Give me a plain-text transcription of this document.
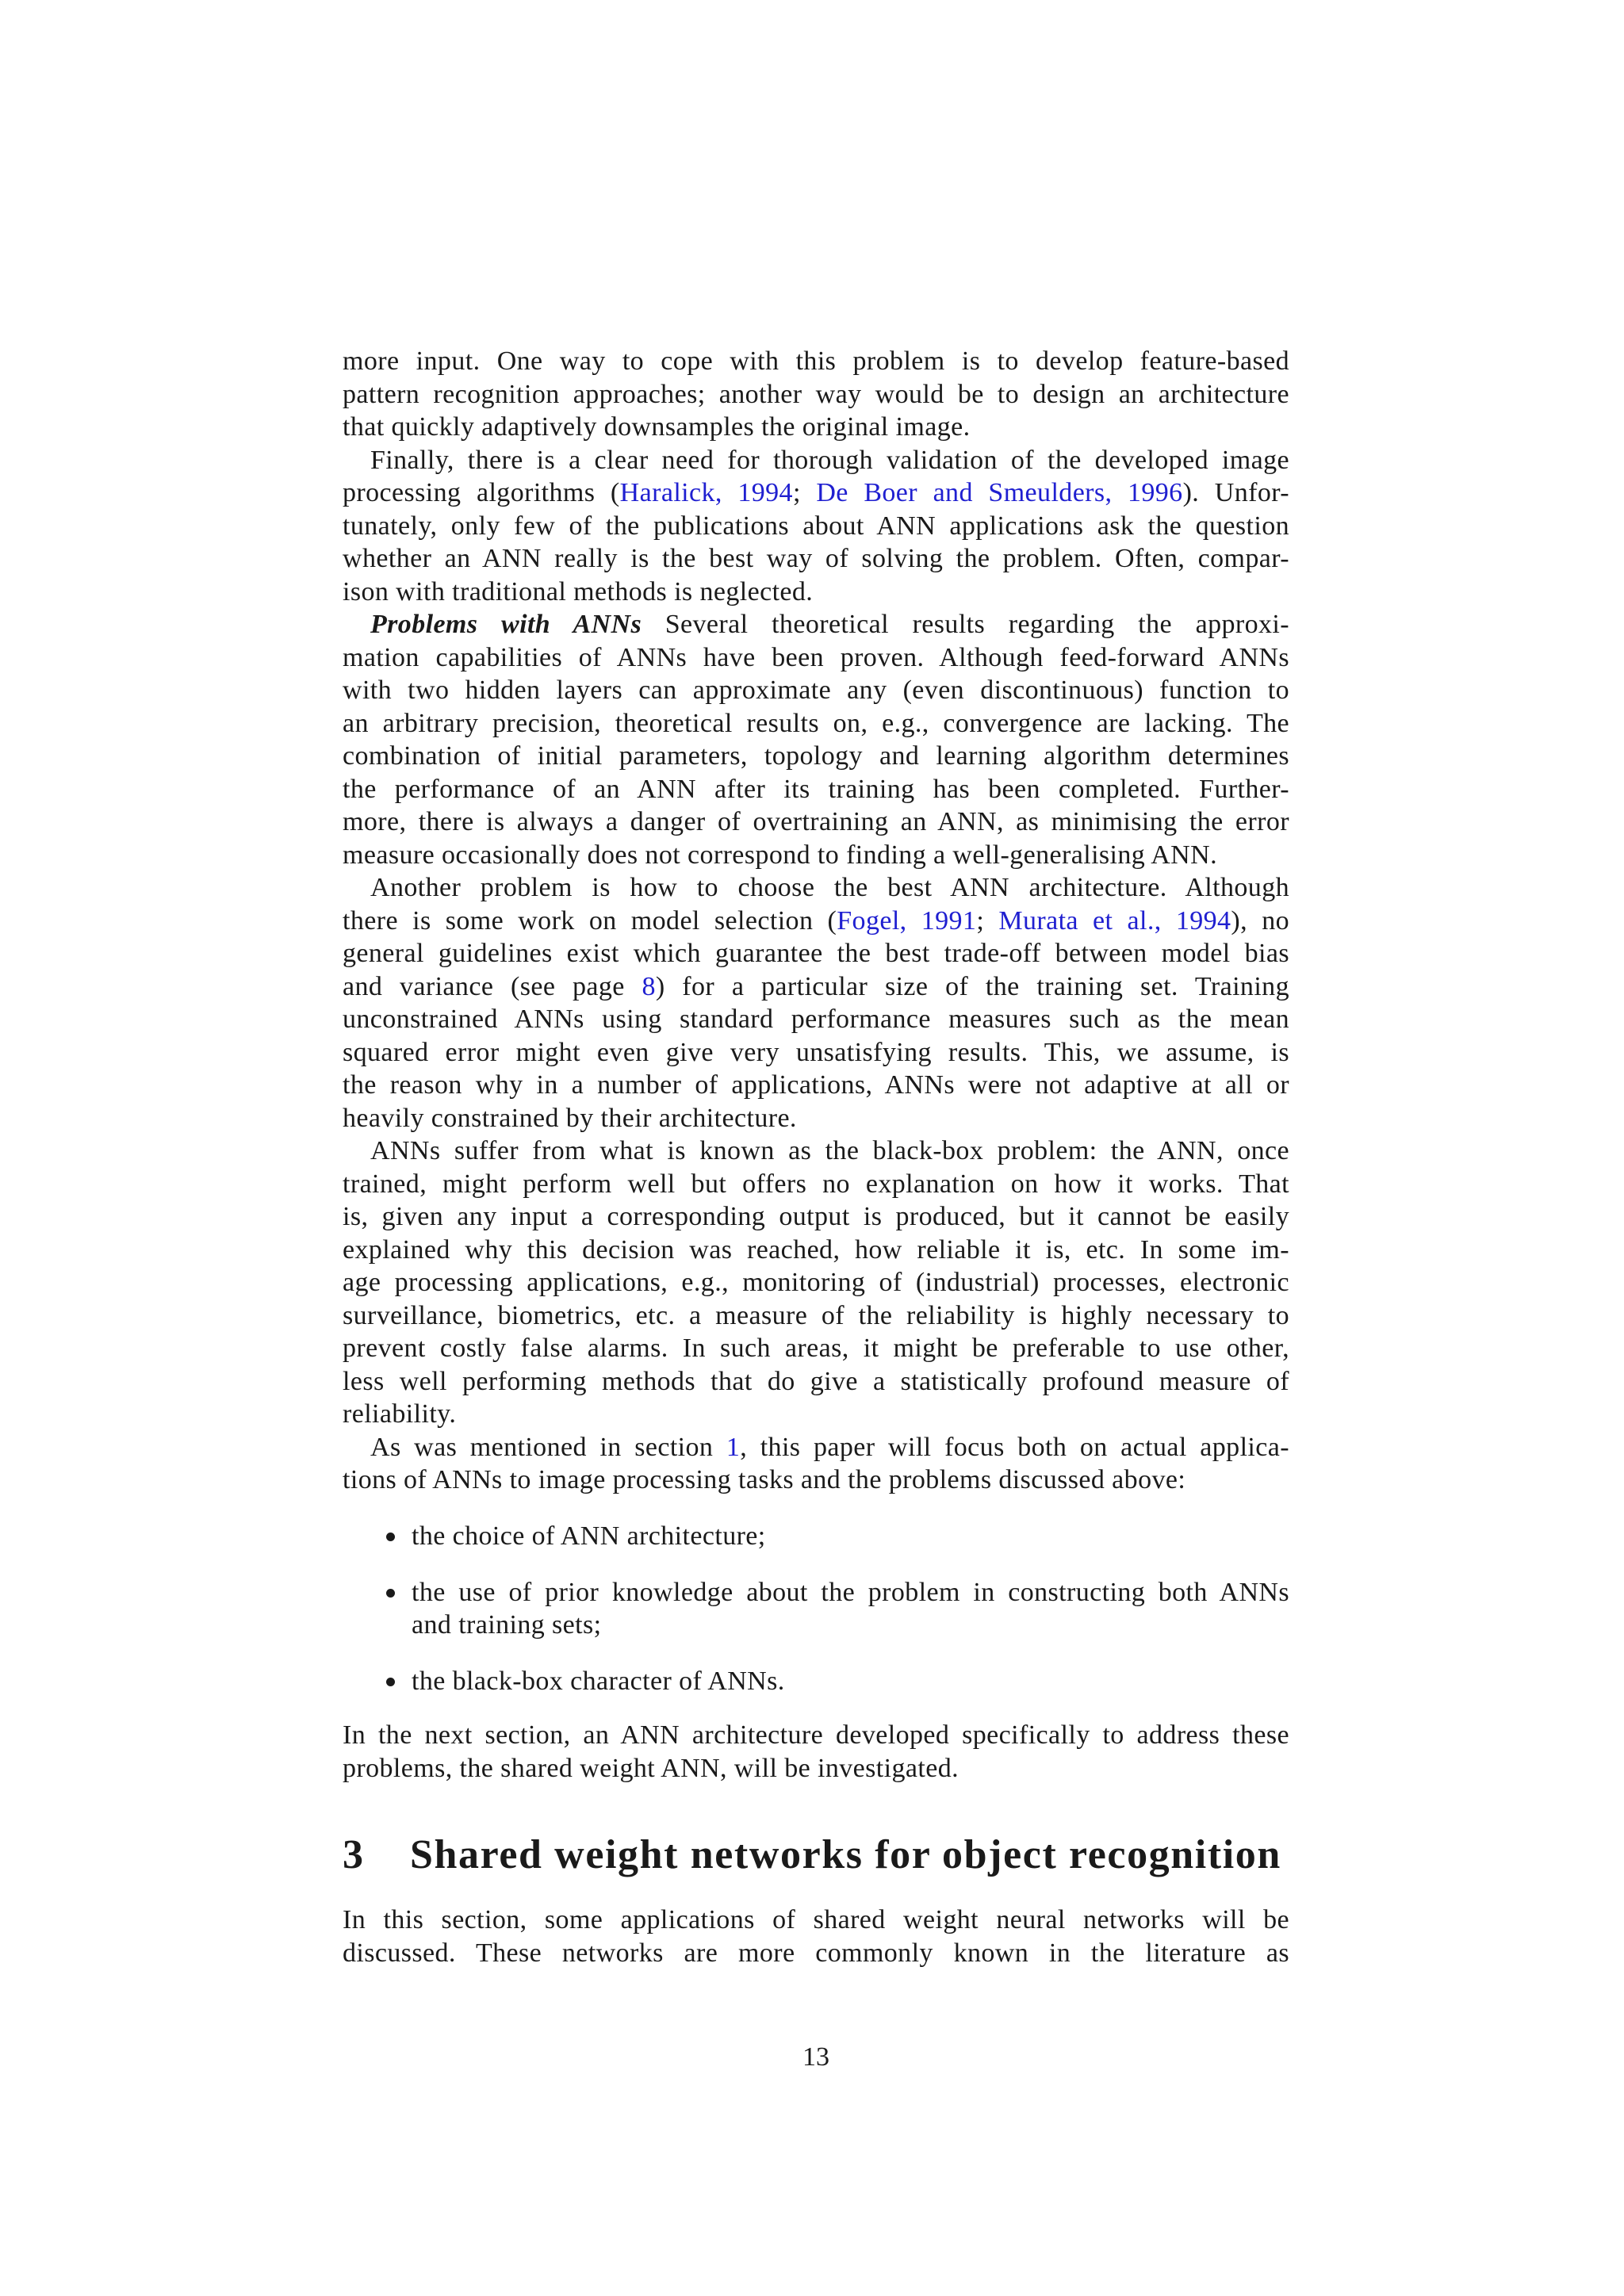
more input. One way to cope with this problem is to develop feature-based
pattern recognition approaches; another way would be to design an architecture
that quickly adaptively downsamples the original image.
Finally, there is a clear need for thorough validation of the developed image
processing algorithms (Haralick, 1994; De Boer and Smeulders, 1996). Unfor-
tunately, only few of the publications about ANN applications ask the question
whether an ANN really is the best way of solving the problem. Often, compar-
ison with traditional methods is neglected.
Problems with ANNs Several theoretical results regarding the approxi-
mation capabilities of ANNs have been proven. Although feed-forward ANNs
with two hidden layers can approximate any (even discontinuous) function to
an arbitrary precision, theoretical results on, e.g., convergence are lacking. The
combination of initial parameters, topology and learning algorithm determines
the performance of an ANN after its training has been completed. Further-
more, there is always a danger of overtraining an ANN, as minimising the error
measure occasionally does not correspond to finding a well-generalising ANN.
Another problem is how to choose the best ANN architecture. Although
there is some work on model selection (Fogel, 1991; Murata et al., 1994), no
general guidelines exist which guarantee the best trade-off between model bias
and variance (see page 8) for a particular size of the training set. Training
unconstrained ANNs using standard performance measures such as the mean
squared error might even give very unsatisfying results. This, we assume, is
the reason why in a number of applications, ANNs were not adaptive at all or
heavily constrained by their architecture.
ANNs suffer from what is known as the black-box problem: the ANN, once
trained, might perform well but offers no explanation on how it works. That
is, given any input a corresponding output is produced, but it cannot be easily
explained why this decision was reached, how reliable it is, etc. In some im-
age processing applications, e.g., monitoring of (industrial) processes, electronic
surveillance, biometrics, etc. a measure of the reliability is highly necessary to
prevent costly false alarms. In such areas, it might be preferable to use other,
less well performing methods that do give a statistically profound measure of
reliability.
As was mentioned in section 1, this paper will focus both on actual applica-
tions of ANNs to image processing tasks and the problems discussed above:
the choice of ANN architecture;
the use of prior knowledge about the problem in constructing both ANNs
and training sets;
the black-box character of ANNs.
In the next section, an ANN architecture developed specifically to address these
problems, the shared weight ANN, will be investigated.
3	Shared weight networks for object recognition
In this section, some applications of shared weight neural networks will be
discussed. These networks are more commonly known in the literature as
13
